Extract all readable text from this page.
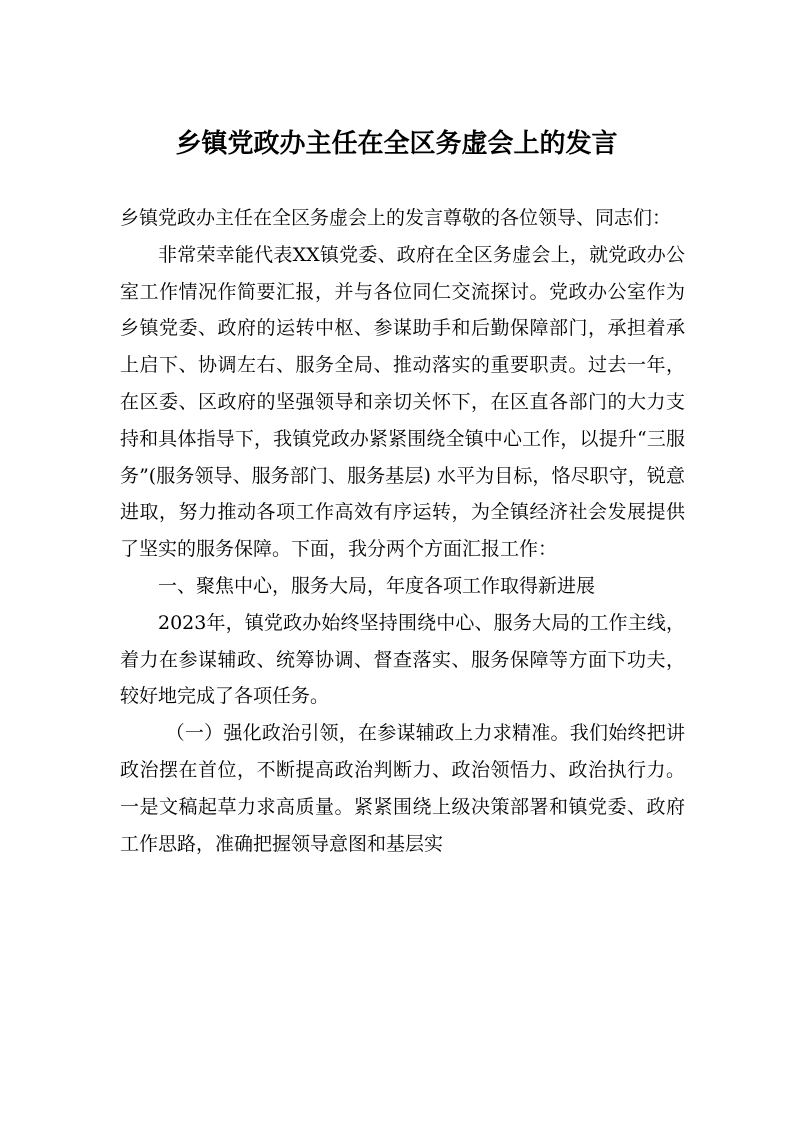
乡镇党政办主任在全区务虚会上的发言

乡镇党政办主任在全区务虚会上的发言尊敬的各位领导、同志们：

非常荣幸能代表XX镇党委、政府在全区务虚会上，就党政办公室工作情况作简要汇报，并与各位同仁交流探讨。党政办公室作为乡镇党委、政府的运转中枢、参谋助手和后勤保障部门，承担着承上启下、协调左右、服务全局、推动落实的重要职责。过去一年，在区委、区政府的坚强领导和亲切关怀下，在区直各部门的大力支持和具体指导下，我镇党政办紧紧围绕全镇中心工作，以提升“三服务”(服务领导、服务部门、服务基层) 水平为目标，恪尽职守，锐意进取，努力推动各项工作高效有序运转，为全镇经济社会发展提供了坚实的服务保障。下面，我分两个方面汇报工作：

一、聚焦中心，服务大局，年度各项工作取得新进展

2023年，镇党政办始终坚持围绕中心、服务大局的工作主线，着力在参谋辅政、统筹协调、督查落实、服务保障等方面下功夫，较好地完成了各项任务。

（一）强化政治引领，在参谋辅政上力求精准。我们始终把讲政治摆在首位，不断提高政治判断力、政治领悟力、政治执行力。一是文稿起草力求高质量。紧紧围绕上级决策部署和镇党委、政府工作思路，准确把握领导意图和基层实
